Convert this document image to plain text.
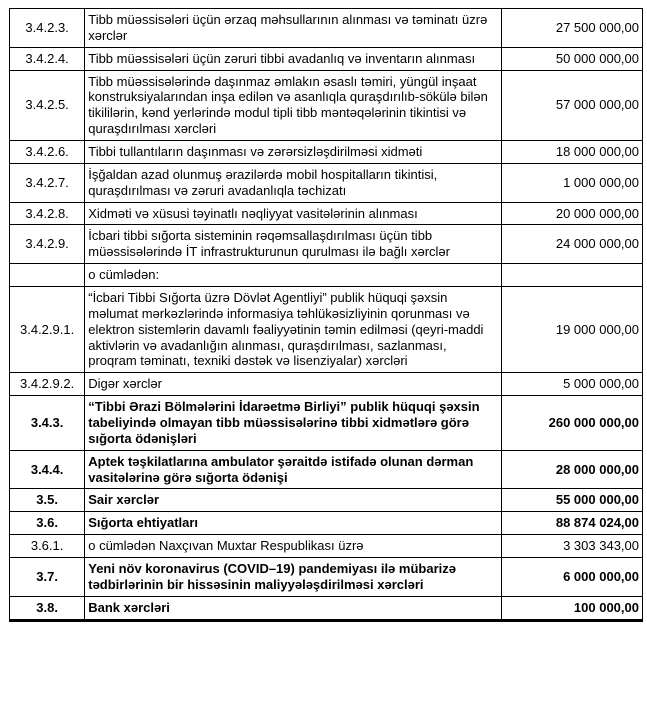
3.4.2.3.	Tibb müəssisələri üçün ərzaq məhsullarının alınması və təminatı üzrə xərclər	27 500 000,00
3.4.2.4.	Tibb müəssisələri üçün zəruri tibbi avadanlıq və inventarın alınması	50 000 000,00
3.4.2.5.	Tibb müəssisələrində daşınmaz əmlakın əsaslı təmiri, yüngül inşaat konstruksiyalarından inşa edilən və asanlıqla quraşdırılıb-sökülə bilən tikililərin, kənd yerlərində modul tipli tibb məntəqələrinin tikintisi və quraşdırılması xərcləri	57 000 000,00
3.4.2.6.	Tibbi tullantıların daşınması və zərərsizləşdirilməsi xidməti	18 000 000,00
3.4.2.7.	İşğaldan azad olunmuş ərazilərdə mobil hospitalların tikintisi, quraşdırılması və zəruri avadanlıqla təchizatı	1 000 000,00
3.4.2.8.	Xidməti və xüsusi təyinatlı nəqliyyat vasitələrinin alınması	20 000 000,00
3.4.2.9.	İcbari tibbi sığorta sisteminin rəqəmsallaşdırılması üçün tibb müəssisələrində İT infrastrukturunun qurulması ilə bağlı xərclər	24 000 000,00
	o cümlədən:	
3.4.2.9.1.	“İcbari Tibbi Sığorta üzrə Dövlət Agentliyi” publik hüquqi şəxsin məlumat mərkəzlərində informasiya təhlükəsizliyinin qorunması və elektron sistemlərin davamlı fəaliyyətinin təmin edilməsi (qeyri-maddi aktivlərin və avadanlığın alınması, quraşdırılması, sazlanması, proqram təminatı, texniki dəstək və lisenziyalar) xərcləri	19 000 000,00
3.4.2.9.2.	Digər xərclər	5 000 000,00
3.4.3.	“Tibbi Ərazi Bölmələrini İdarəetmə Birliyi” publik hüquqi şəxsin tabeliyində olmayan tibb müəssisələrinə tibbi xidmətlərə görə sığorta ödənişləri	260 000 000,00
3.4.4.	Aptek təşkilatlarına ambulator şəraitdə istifadə olunan dərman vasitələrinə görə sığorta ödənişi	28 000 000,00
3.5.	Sair xərclər	55 000 000,00
3.6.	Sığorta ehtiyatları	88 874 024,00
3.6.1.	o cümlədən Naxçıvan Muxtar Respublikası üzrə	3 303 343,00
3.7.	Yeni növ koronavirus (COVID–19) pandemiyası ilə mübarizə tədbirlərinin bir hissəsinin maliyyələşdirilməsi xərcləri	6 000 000,00
3.8.	Bank xərcləri	100 000,00
